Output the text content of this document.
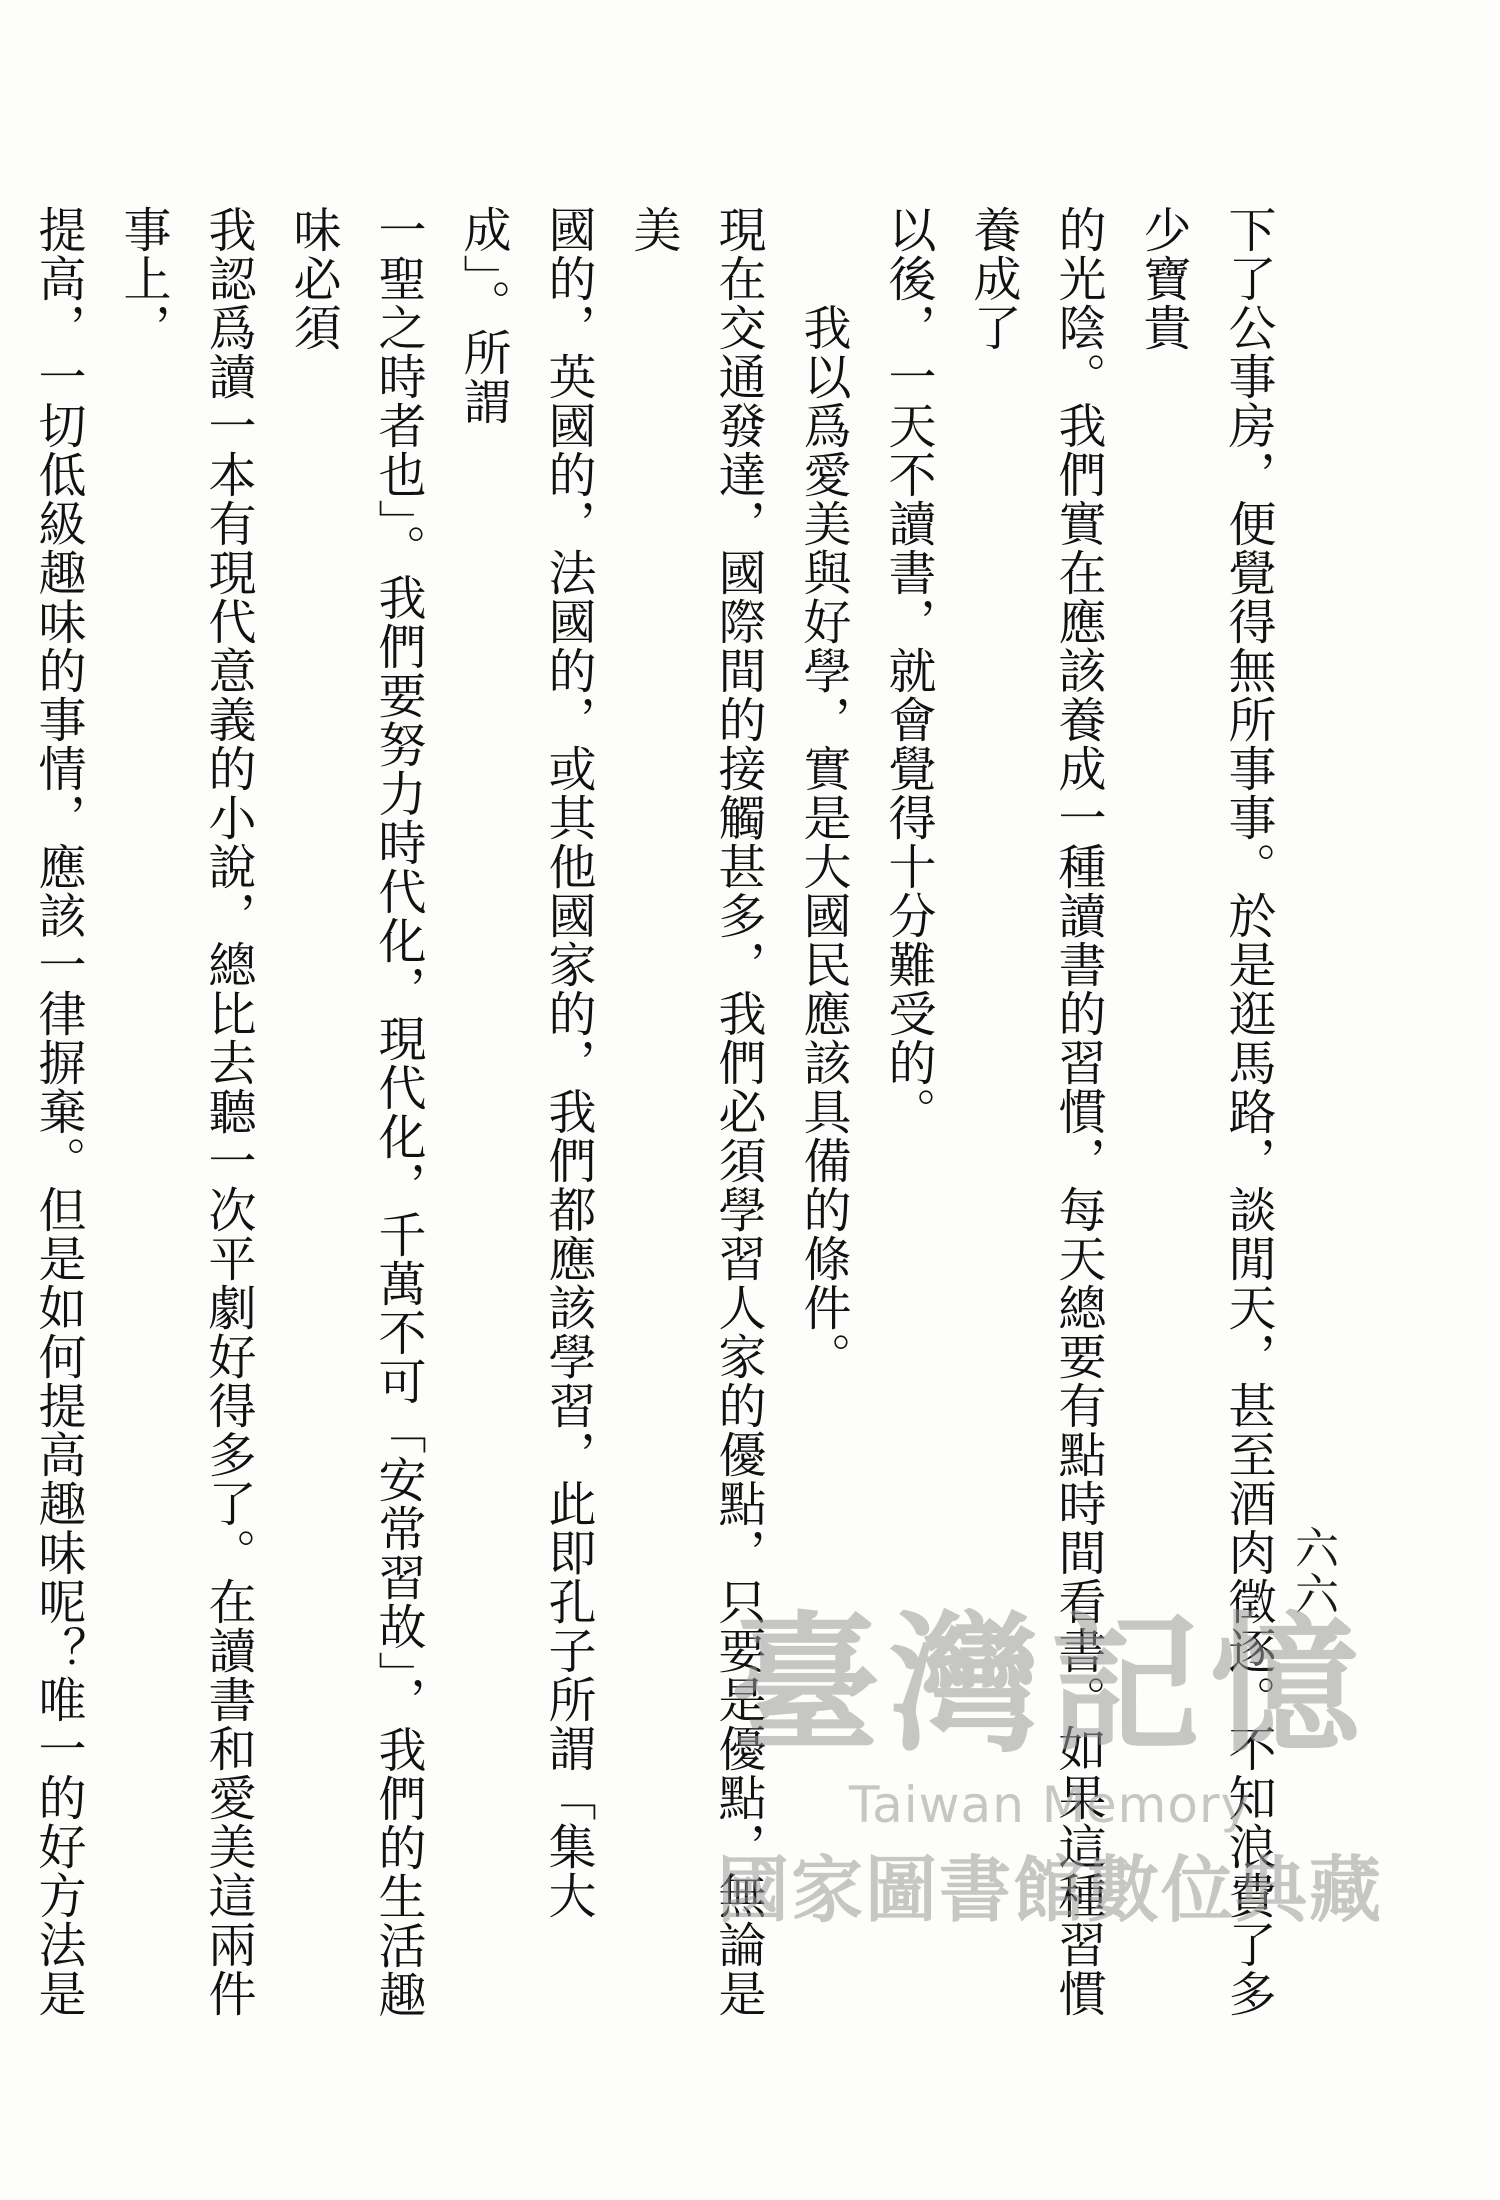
六六

下了公事房，便覺得無所事事。於是逛馬路，談閒天，甚至酒肉徵逐。不知浪費了多少寶貴

的光陰。我們實在應該養成一種讀書的習慣，每天總要有點時間看書。如果這種習慣養成了

以後，一天不讀書，就會覺得十分難受的。

　　我以爲愛美與好學，實是大國民應該具備的條件。

現在交通發達，國際間的接觸甚多，我們必須學習人家的優點，只要是優點，無論是美

國的，英國的，法國的，或其他國家的，我們都應該學習，此即孔子所謂「集大成」。所謂

一聖之時者也」。我們要努力時代化，現代化，千萬不可「安常習故」，我們的生活趣味必須

我認爲讀一本有現代意義的小說，總比去聽一次平劇好得多了。在讀書和愛美這兩件事上，

提高，一切低級趣味的事情，應該一律摒棄。但是如何提高趣味呢？唯一的好方法是

臺灣記憶
Taiwan Memory
國家圖書館數位典藏
